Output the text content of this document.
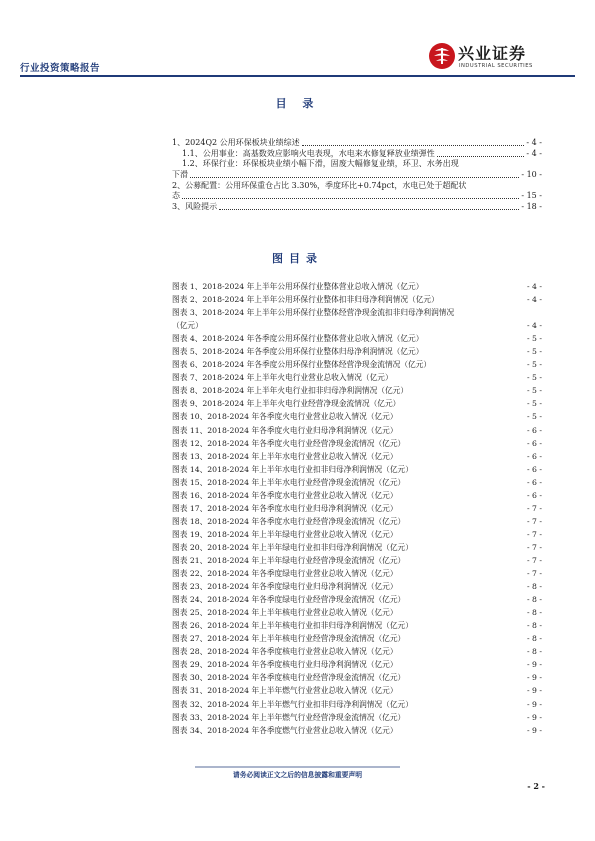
行业投资策略报告
兴业证券
INDUSTRIAL SECURITIES
目 录
1、2024Q2 公用环保板块业绩综述	- 4 -
1.1、公用事业：高基数效应影响火电表现，水电来水修复释放业绩弹性	- 4 -
1.2、环保行业：环保板块业绩小幅下滑，固废大幅修复业绩，环卫、水务出现
下滑	- 10 -
2、公募配置：公用环保重仓占比 3.30%，季度环比+0.74pct，水电已处于超配状
态	- 15 -
3、风险提示	- 18 -
图目录
图表 1、2018-2024 年上半年公用环保行业整体营业总收入情况（亿元）	- 4 -
图表 2、2018-2024 年上半年公用环保行业整体扣非归母净利润情况（亿元）	- 4 -
图表 3、2018-2024 年上半年公用环保行业整体经营净现金流扣非归母净利润情况
（亿元）	- 4 -
图表 4、2018-2024 年各季度公用环保行业整体营业总收入情况（亿元）	- 5 -
图表 5、2018-2024 年各季度公用环保行业整体归母净利润情况（亿元）	- 5 -
图表 6、2018-2024 年各季度公用环保行业整体经营净现金流情况（亿元）	- 5 -
图表 7、2018-2024 年上半年火电行业营业总收入情况（亿元）	- 5 -
图表 8、2018-2024 年上半年火电行业扣非归母净利润情况（亿元）	- 5 -
图表 9、2018-2024 年上半年火电行业经营净现金流情况（亿元）	- 5 -
图表 10、2018-2024 年各季度火电行业营业总收入情况（亿元）	- 5 -
图表 11、2018-2024 年各季度火电行业归母净利润情况（亿元）	- 6 -
图表 12、2018-2024 年各季度火电行业经营净现金流情况（亿元）	- 6 -
图表 13、2018-2024 年上半年水电行业营业总收入情况（亿元）	- 6 -
图表 14、2018-2024 年上半年水电行业扣非归母净利润情况（亿元）	- 6 -
图表 15、2018-2024 年上半年水电行业经营净现金流情况（亿元）	- 6 -
图表 16、2018-2024 年各季度水电行业营业总收入情况（亿元）	- 6 -
图表 17、2018-2024 年各季度水电行业归母净利润情况（亿元）	- 7 -
图表 18、2018-2024 年各季度水电行业经营净现金流情况（亿元）	- 7 -
图表 19、2018-2024 年上半年绿电行业营业总收入情况（亿元）	- 7 -
图表 20、2018-2024 年上半年绿电行业扣非归母净利润情况（亿元）	- 7 -
图表 21、2018-2024 年上半年绿电行业经营净现金流情况（亿元）	- 7 -
图表 22、2018-2024 年各季度绿电行业营业总收入情况（亿元）	- 7 -
图表 23、2018-2024 年各季度绿电行业归母净利润情况（亿元）	- 8 -
图表 24、2018-2024 年各季度绿电行业经营净现金流情况（亿元）	- 8 -
图表 25、2018-2024 年上半年核电行业营业总收入情况（亿元）	- 8 -
图表 26、2018-2024 年上半年核电行业扣非归母净利润情况（亿元）	- 8 -
图表 27、2018-2024 年上半年核电行业经营净现金流情况（亿元）	- 8 -
图表 28、2018-2024 年各季度核电行业营业总收入情况（亿元）	- 8 -
图表 29、2018-2024 年各季度核电行业归母净利润情况（亿元）	- 9 -
图表 30、2018-2024 年各季度核电行业经营净现金流情况（亿元）	- 9 -
图表 31、2018-2024 年上半年燃气行业营业总收入情况（亿元）	- 9 -
图表 32、2018-2024 年上半年燃气行业扣非归母净利润情况（亿元）	- 9 -
图表 33、2018-2024 年上半年燃气行业经营净现金流情况（亿元）	- 9 -
图表 34、2018-2024 年各季度燃气行业营业总收入情况（亿元）	- 9 -
请务必阅读正文之后的信息披露和重要声明
- 2 -
